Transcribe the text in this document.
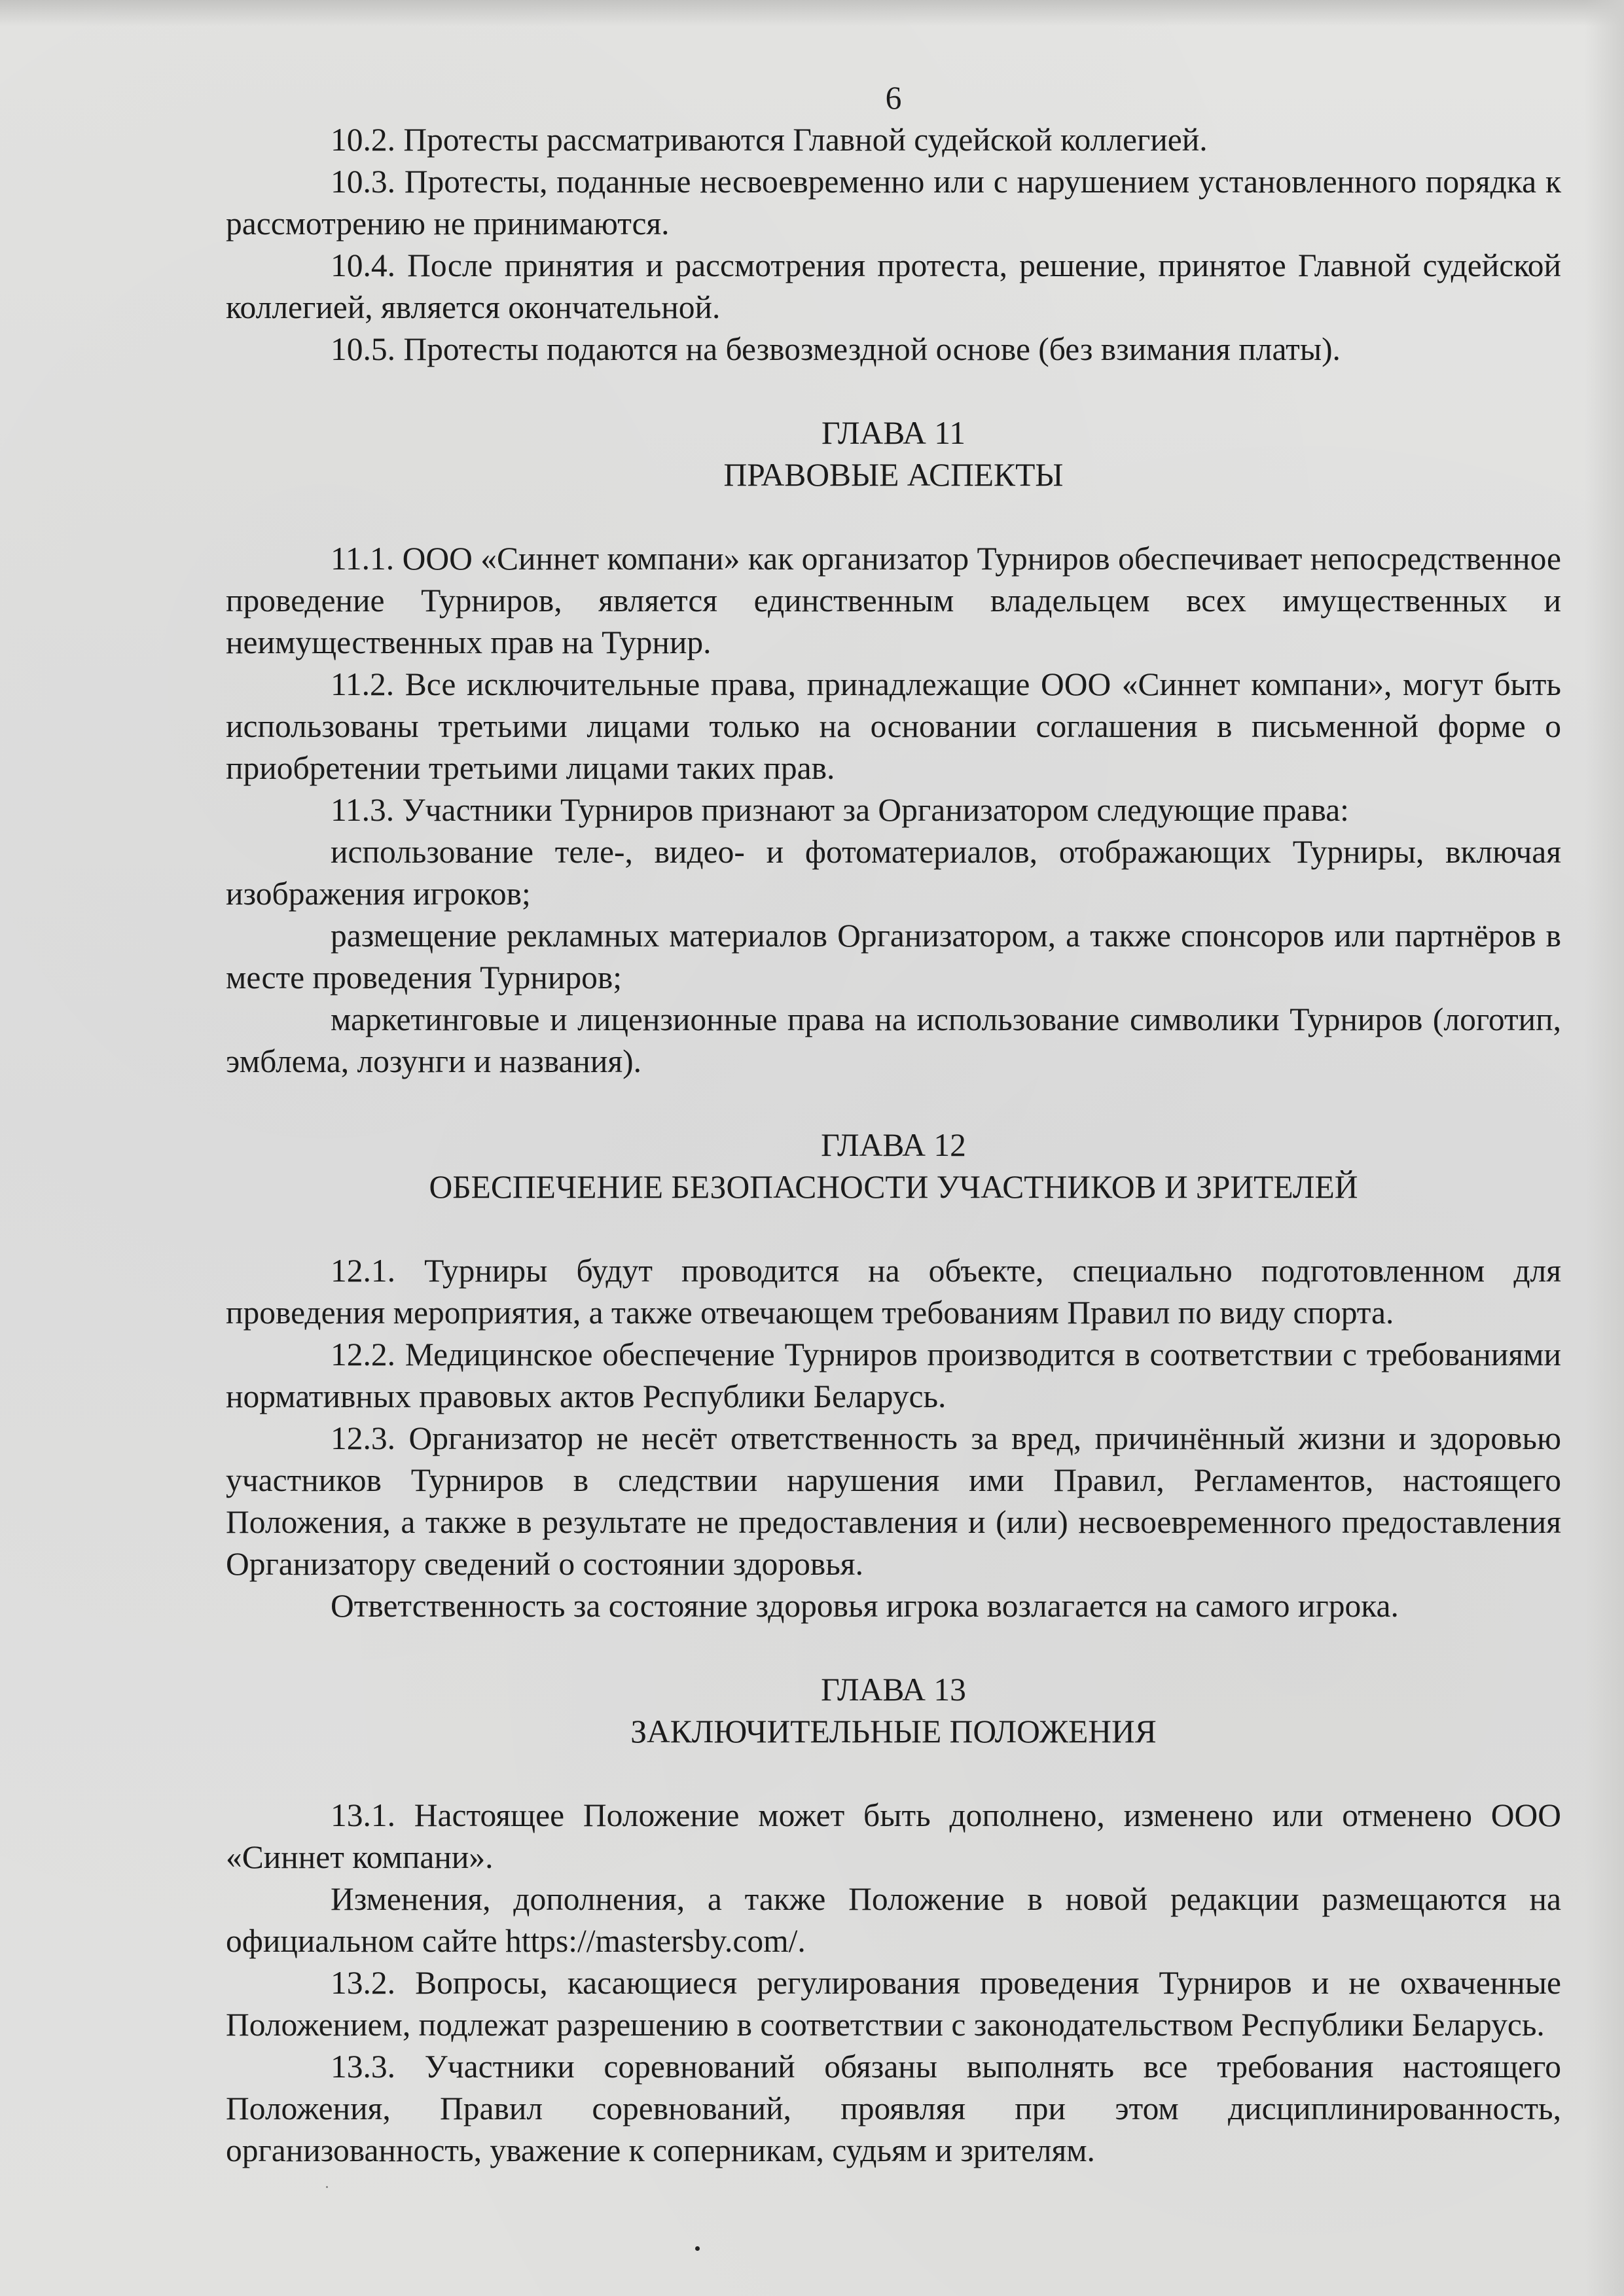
6

10.2. Протесты рассматриваются Главной судейской коллегией.

10.3. Протесты, поданные несвоевременно или с нарушением установленного порядка к рассмотрению не принимаются.

10.4. После принятия и рассмотрения протеста, решение, принятое Главной судейской коллегией, является окончательной.

10.5. Протесты подаются на безвозмездной основе (без взимания платы).

ГЛАВА 11
ПРАВОВЫЕ АСПЕКТЫ

11.1. ООО «Синнет компани» как организатор Турниров обеспечивает непосредственное проведение Турниров, является единственным владельцем всех имущественных и неимущественных прав на Турнир.

11.2. Все исключительные права, принадлежащие ООО «Синнет компани», могут быть использованы третьими лицами только на основании соглашения в письменной форме о приобретении третьими лицами таких прав.

11.3. Участники Турниров признают за Организатором следующие права:

использование теле-, видео- и фотоматериалов, отображающих Турниры, включая изображения игроков;

размещение рекламных материалов Организатором, а также спонсоров или партнёров в месте проведения Турниров;

маркетинговые и лицензионные права на использование символики Турниров (логотип, эмблема, лозунги и названия).

ГЛАВА 12
ОБЕСПЕЧЕНИЕ БЕЗОПАСНОСТИ УЧАСТНИКОВ И ЗРИТЕЛЕЙ

12.1. Турниры будут проводится на объекте, специально подготовленном для проведения мероприятия, а также отвечающем требованиям Правил по виду спорта.

12.2. Медицинское обеспечение Турниров производится в соответствии с требованиями нормативных правовых актов Республики Беларусь.

12.3. Организатор не несёт ответственность за вред, причинённый жизни и здоровью участников Турниров в следствии нарушения ими Правил, Регламентов, настоящего Положения, а также в результате не предоставления и (или) несвоевременного предоставления Организатору сведений о состоянии здоровья.

Ответственность за состояние здоровья игрока возлагается на самого игрока.

ГЛАВА 13
ЗАКЛЮЧИТЕЛЬНЫЕ ПОЛОЖЕНИЯ

13.1. Настоящее Положение может быть дополнено, изменено или отменено ООО «Синнет компани».

Изменения, дополнения, а также Положение в новой редакции размещаются на официальном сайте https://mastersby.com/.

13.2. Вопросы, касающиеся регулирования проведения Турниров и не охваченные Положением, подлежат разрешению в соответствии с законодательством Республики Беларусь.

13.3. Участники соревнований обязаны выполнять все требования настоящего Положения, Правил соревнований, проявляя при этом дисциплинированность, организованность, уважение к соперникам, судьям и зрителям.
